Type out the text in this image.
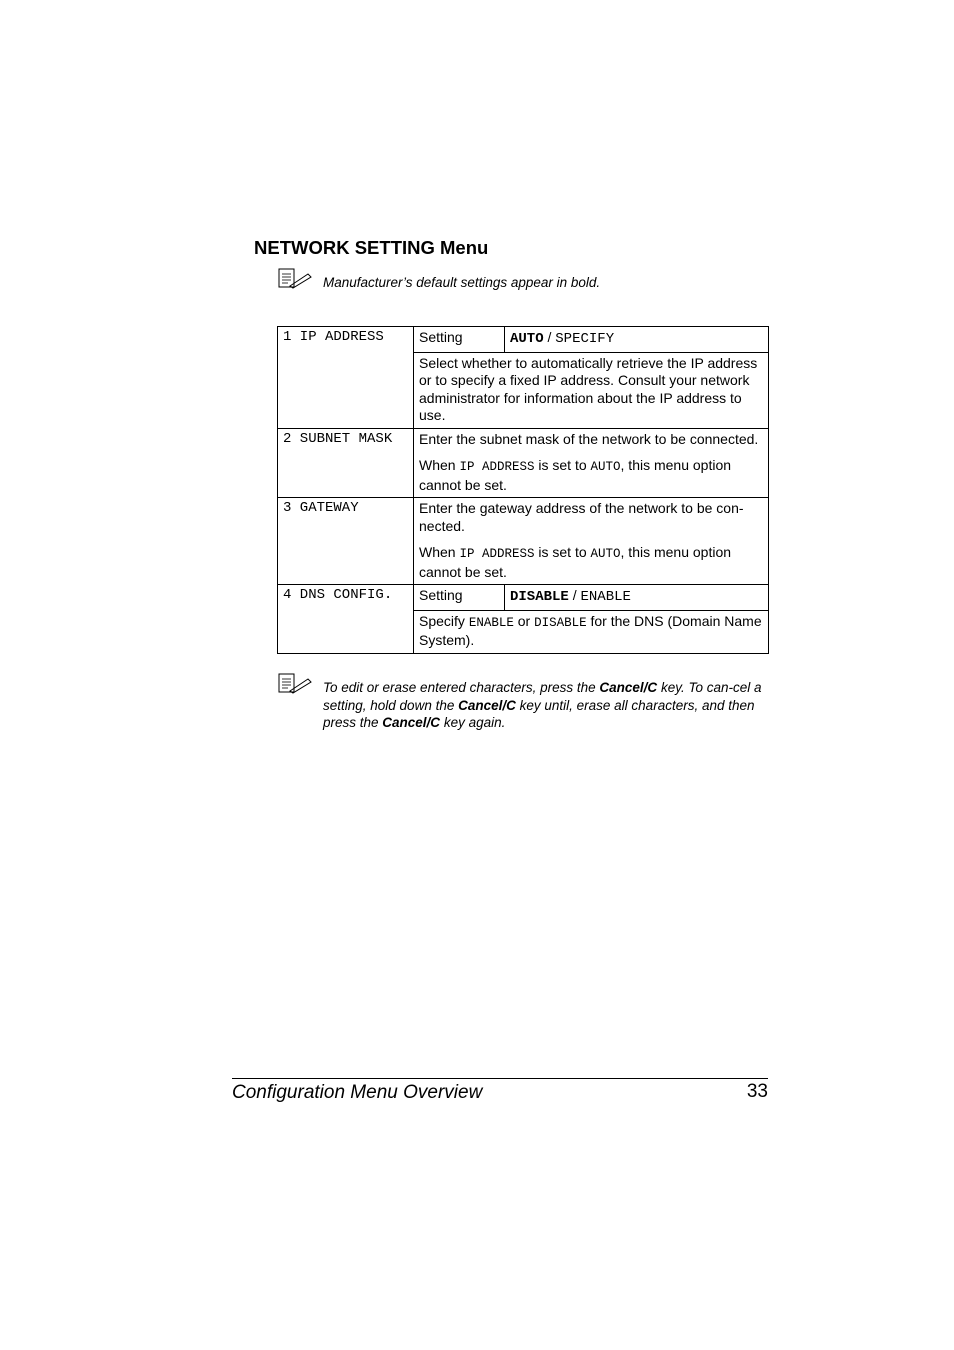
NETWORK SETTING Menu

Manufacturer’s default settings appear in bold.

1 IP ADDRESS	Setting	AUTO / SPECIFY

	Select whether to automatically retrieve the IP address or to specify a fixed IP address. Consult your network administrator for information about the IP address to use.	

2 SUBNET MASK	Enter the subnet mask of the network to be connected.

When IP ADDRESS is set to AUTO, this menu option cannot be set.	

3 GATEWAY	Enter the gateway address of the network to be con-nected.

When IP ADDRESS is set to AUTO, this menu option cannot be set.	

4 DNS CONFIG.	Setting	DISABLE / ENABLE

	Specify ENABLE or DISABLE for the DNS (Domain Name System).	

To edit or erase entered characters, press the Cancel/C key. To can-cel a setting, hold down the Cancel/C key until, erase all characters, and then press the Cancel/C key again.

Configuration Menu Overview	33
